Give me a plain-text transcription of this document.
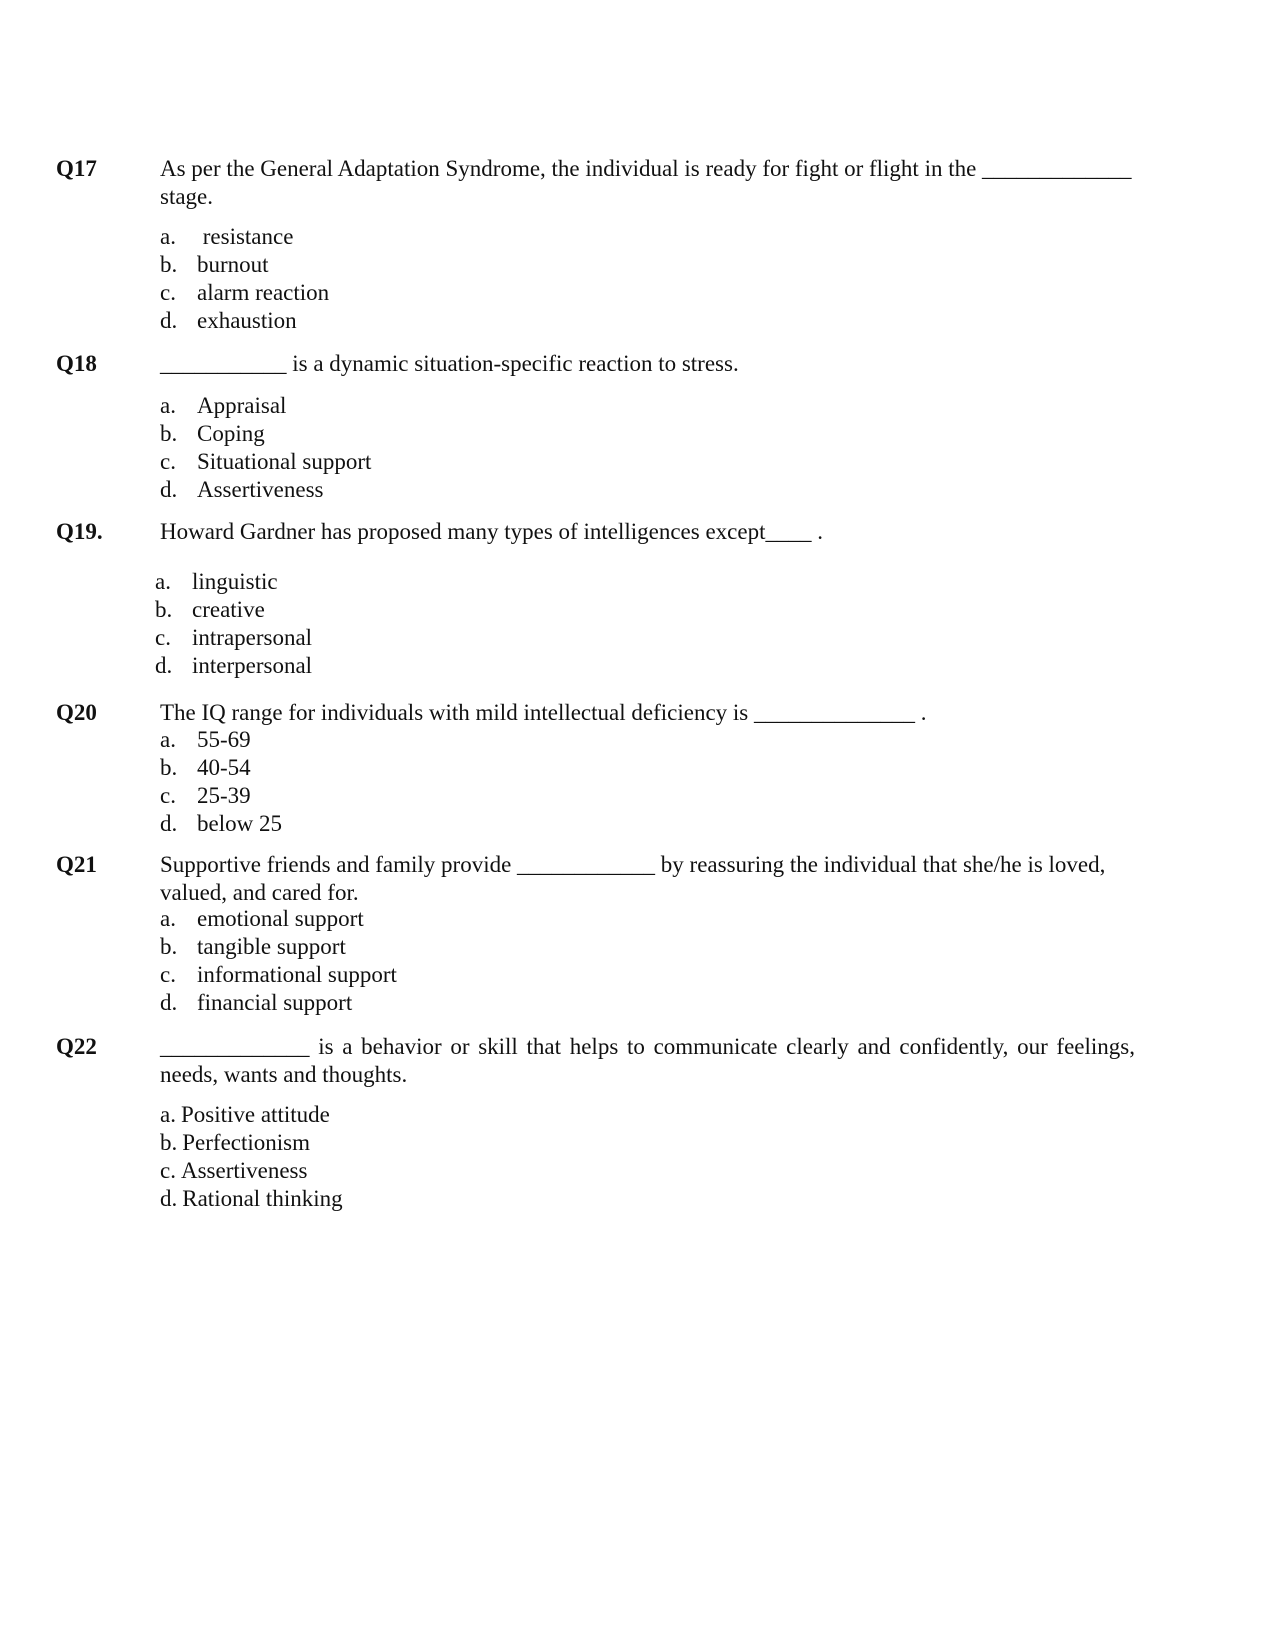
Q17	As per the General Adaptation Syndrome, the individual is ready for fight or flight in the _____________ stage.
a. resistance
b. burnout
c. alarm reaction
d. exhaustion
Q18	___________ is a dynamic situation-specific reaction to stress.
a. Appraisal
b. Coping
c. Situational support
d. Assertiveness
Q19. Howard Gardner has proposed many types of intelligences except____ .
a. linguistic
b. creative
c. intrapersonal
d. interpersonal
Q20	The IQ range for individuals with mild intellectual deficiency is ______________ .
a. 55-69
b. 40-54
c. 25-39
d. below 25
Q21	Supportive friends and family provide ____________ by reassuring the individual that she/he is loved, valued, and cared for.
a. emotional support
b. tangible support
c. informational support
d. financial support
Q22	_____________ is a behavior or skill that helps to communicate clearly and confidently, our feelings, needs, wants and thoughts.
a. Positive attitude
b. Perfectionism
c. Assertiveness
d. Rational thinking
